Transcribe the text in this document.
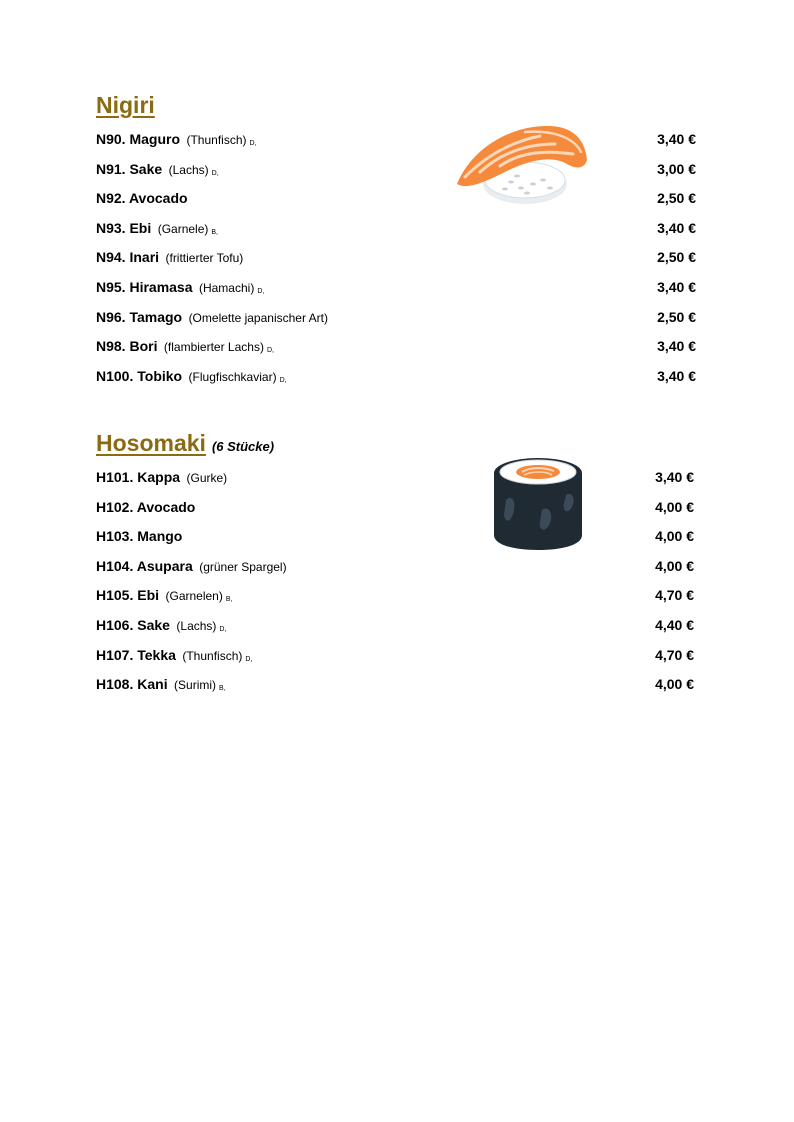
Nigiri
N90. Maguro (Thunfisch) D,	3,40 €
N91. Sake (Lachs) D,	3,00 €
N92. Avocado	2,50 €
N93. Ebi (Garnele) B,	3,40 €
N94. Inari (frittierter Tofu)	2,50 €
N95. Hiramasa (Hamachi) D,	3,40 €
N96. Tamago (Omelette japanischer Art)	2,50 €
N98. Bori (flambierter Lachs) D,	3,40 €
N100. Tobiko (Flugfischkaviar) D,	3,40 €
Hosomaki (6 Stücke)
H101. Kappa (Gurke)	3,40 €
H102. Avocado	4,00 €
H103. Mango	4,00 €
H104. Asupara (grüner Spargel)	4,00 €
H105. Ebi (Garnelen) B,	4,70 €
H106. Sake (Lachs) D,	4,40 €
H107. Tekka (Thunfisch) D,	4,70 €
H108. Kani (Surimi) B,	4,00 €
